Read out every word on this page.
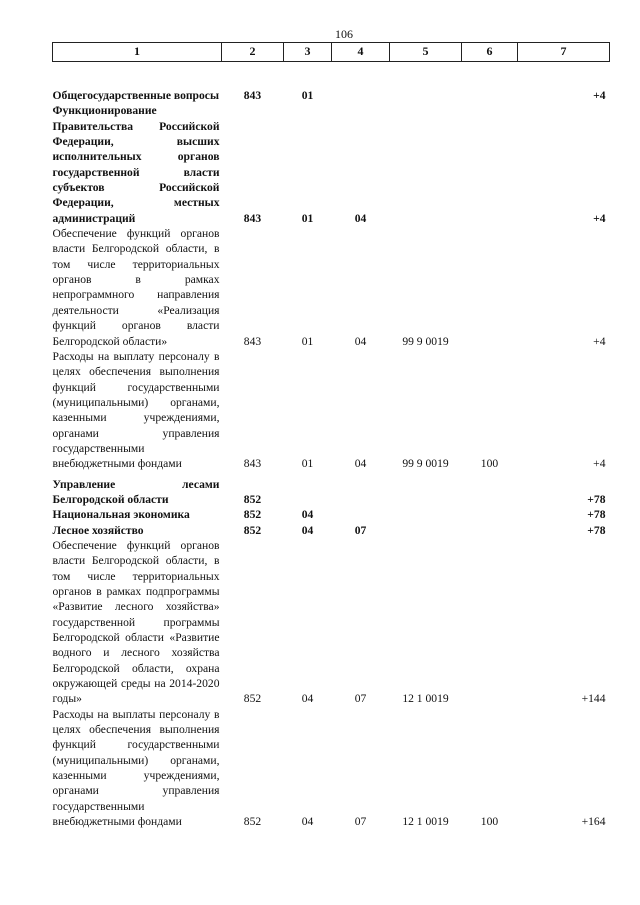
106
1	2	3	4	5	6	7
Общегосударственные вопросы	843	01				+4
Функционирование Правительства Российской Федерации, высших исполнительных органов государственной власти субъектов Российской Федерации, местных администраций	843	01	04			+4
Обеспечение функций органов власти Белгородской области, в том числе территориальных органов в рамках непрограммного направления деятельности «Реализация функций органов власти Белгородской области»	843	01	04	99 9 0019		+4
Расходы на выплату персоналу в целях обеспечения выполнения функций государственными (муниципальными) органами, казенными учреждениями, органами управления государственными внебюджетными фондами	843	01	04	99 9 0019	100	+4

Управление лесами Белгородской области	852					+78
Национальная экономика	852	04				+78
Лесное хозяйство	852	04	07			+78
Обеспечение функций органов власти Белгородской области, в том числе территориальных органов в рамках подпрограммы «Развитие лесного хозяйства» государственной программы Белгородской области «Развитие водного и лесного хозяйства Белгородской области, охрана окружающей среды на 2014-2020 годы»	852	04	07	12 1 0019		+144
Расходы на выплаты персоналу в целях обеспечения выполнения функций государственными (муниципальными) органами, казенными учреждениями, органами управления государственными внебюджетными фондами	852	04	07	12 1 0019	100	+164
